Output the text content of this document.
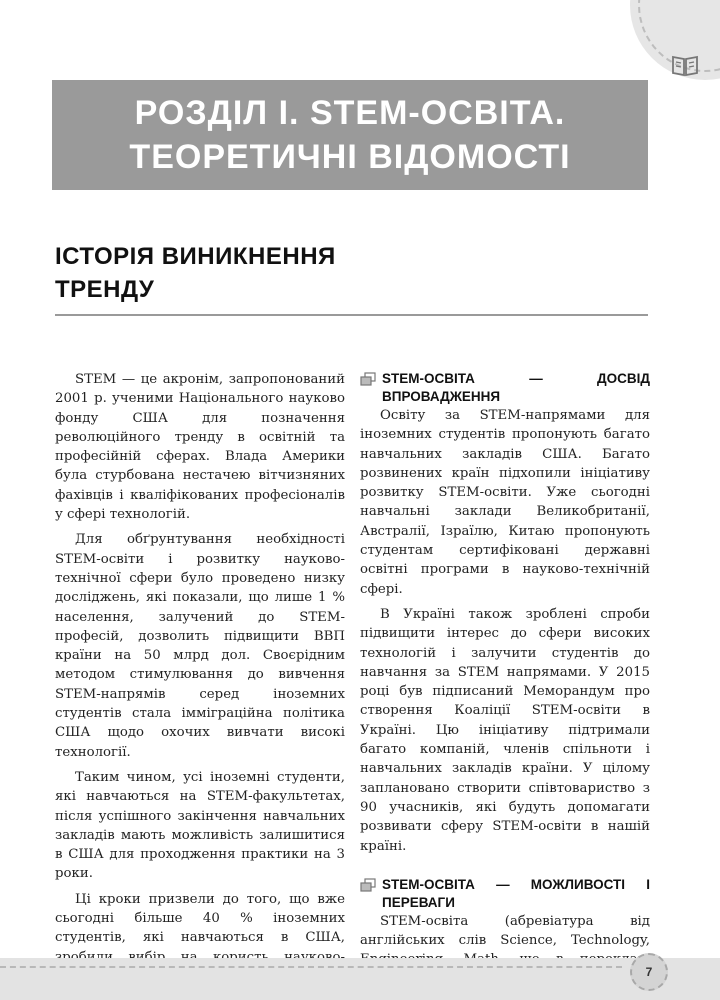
РОЗДІЛ І. STEM-ОСВІТА.
ТЕОРЕТИЧНІ ВІДОМОСТІ
ІСТОРІЯ ВИНИКНЕННЯ
ТРЕНДУ

STEM — це акронім, запропонований 2001 р. ученими Національного науково фонду США для позначення революційного тренду в освітній та професійній сферах. Влада Америки була стурбована нестачею вітчизняних фахівців і кваліфікованих професіоналів у сфері технологій.

Для обґрунтування необхідності STEM-освіти і розвитку науково-технічної сфери було проведено низку досліджень, які показали, що лише 1 % населення, залучений до STEM-професій, дозволить підвищити ВВП країни на 50 млрд дол. Своєрідним методом стимулювання до вивчення STEM-напрямів серед іноземних студентів стала імміграційна політика США щодо охочих вивчати високі технології.

Таким чином, усі іноземні студенти, які навчаються на STEM-факультетах, після успішного закінчення навчальних закладів мають можливість залишитися в США для проходження практики на 3 роки.

Ці кроки призвели до того, що вже сьогодні більше 40 % іноземних студентів, які навчаються в США,

STEM-ОСВІТА — ДОСВІД ВПРОВАДЖЕННЯ

Освіту за STEM-напрямами для іноземних студентів пропонують багато навчальних закладів США. Багато розвинених країн підхопили ініціативу розвитку STEM-освіти. Уже сьогодні навчальні заклади Великобританії, Австралії, Ізраїлю, Китаю пропонують студентам сертифіковані державні освітні програми в науково-технічній сфері.

В Україні також зроблені спроби підвищити інтерес до сфери високих технологій і залучити студентів до навчання за STEM напрямами. У 2015 році був підписаний Меморандум про створення Коаліції STEM-освіти в Україні. Цю ініціативу підтримали багато компаній, членів спільноти і навчальних закладів країни. У цілому заплановано створити співтовариство з 90 учасників, які будуть допомагати розвивати сферу STEM-освіти в нашій країні.

STEM-ОСВІТА — МОЖЛИВОСТІ І ПЕРЕВАГИ

STEM-освіта (абревіатура від англійських слів Science, Technology,

7
